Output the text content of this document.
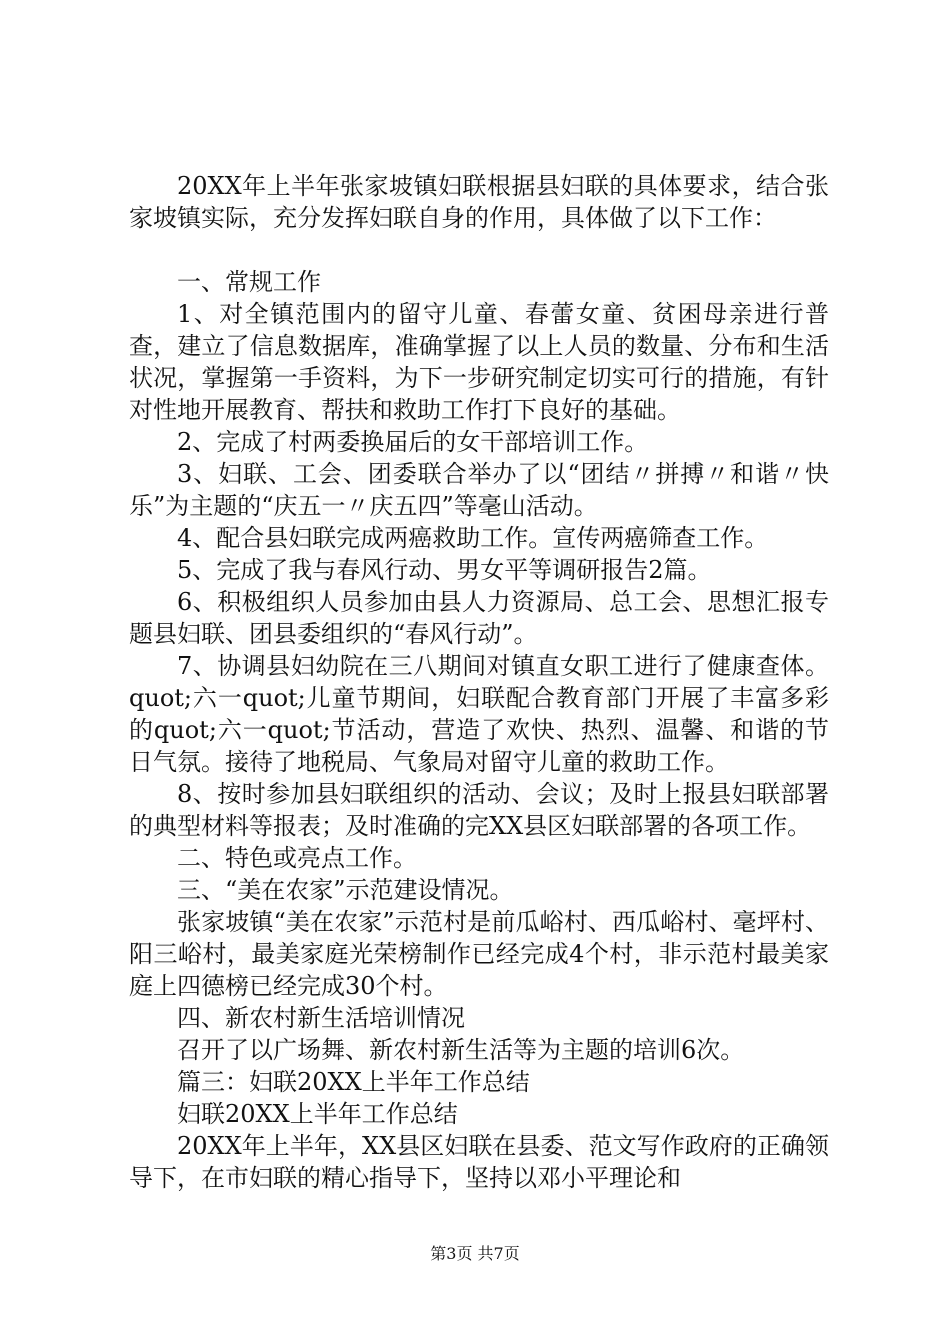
20XX年上半年张家坡镇妇联根据县妇联的具体要求，结合张家坡镇实际，充分发挥妇联自身的作用，具体做了以下工作：

一、常规工作

1、对全镇范围内的留守儿童、春蕾女童、贫困母亲进行普查，建立了信息数据库，准确掌握了以上人员的数量、分布和生活状况，掌握第一手资料，为下一步研究制定切实可行的措施，有针对性地开展教育、帮扶和救助工作打下良好的基础。

2、完成了村两委换届后的女干部培训工作。

3、妇联、工会、团委联合举办了以“团结〃拼搏〃和谐〃快乐”为主题的“庆五一〃庆五四”等毫山活动。

4、配合县妇联完成两癌救助工作。宣传两癌筛查工作。

5、完成了我与春风行动、男女平等调研报告2篇。

6、积极组织人员参加由县人力资源局、总工会、思想汇报专题县妇联、团县委组织的“春风行动”。

7、协调县妇幼院在三八期间对镇直女职工进行了健康查体。quot;六一quot;儿童节期间，妇联配合教育部门开展了丰富多彩的quot;六一quot;节活动，营造了欢快、热烈、温馨、和谐的节日气氛。接待了地税局、气象局对留守儿童的救助工作。

8、按时参加县妇联组织的活动、会议；及时上报县妇联部署的典型材料等报表；及时准确的完XX县区妇联部署的各项工作。

二、特色或亮点工作。

三、“美在农家”示范建设情况。

张家坡镇“美在农家”示范村是前瓜峪村、西瓜峪村、毫坪村、阳三峪村，最美家庭光荣榜制作已经完成4个村，非示范村最美家庭上四德榜已经完成30个村。

四、新农村新生活培训情况

召开了以广场舞、新农村新生活等为主题的培训6次。

篇三：妇联20XX上半年工作总结

妇联20XX上半年工作总结

20XX年上半年，XX县区妇联在县委、范文写作政府的正确领导下，在市妇联的精心指导下，坚持以邓小平理论和

第3页 共7页
